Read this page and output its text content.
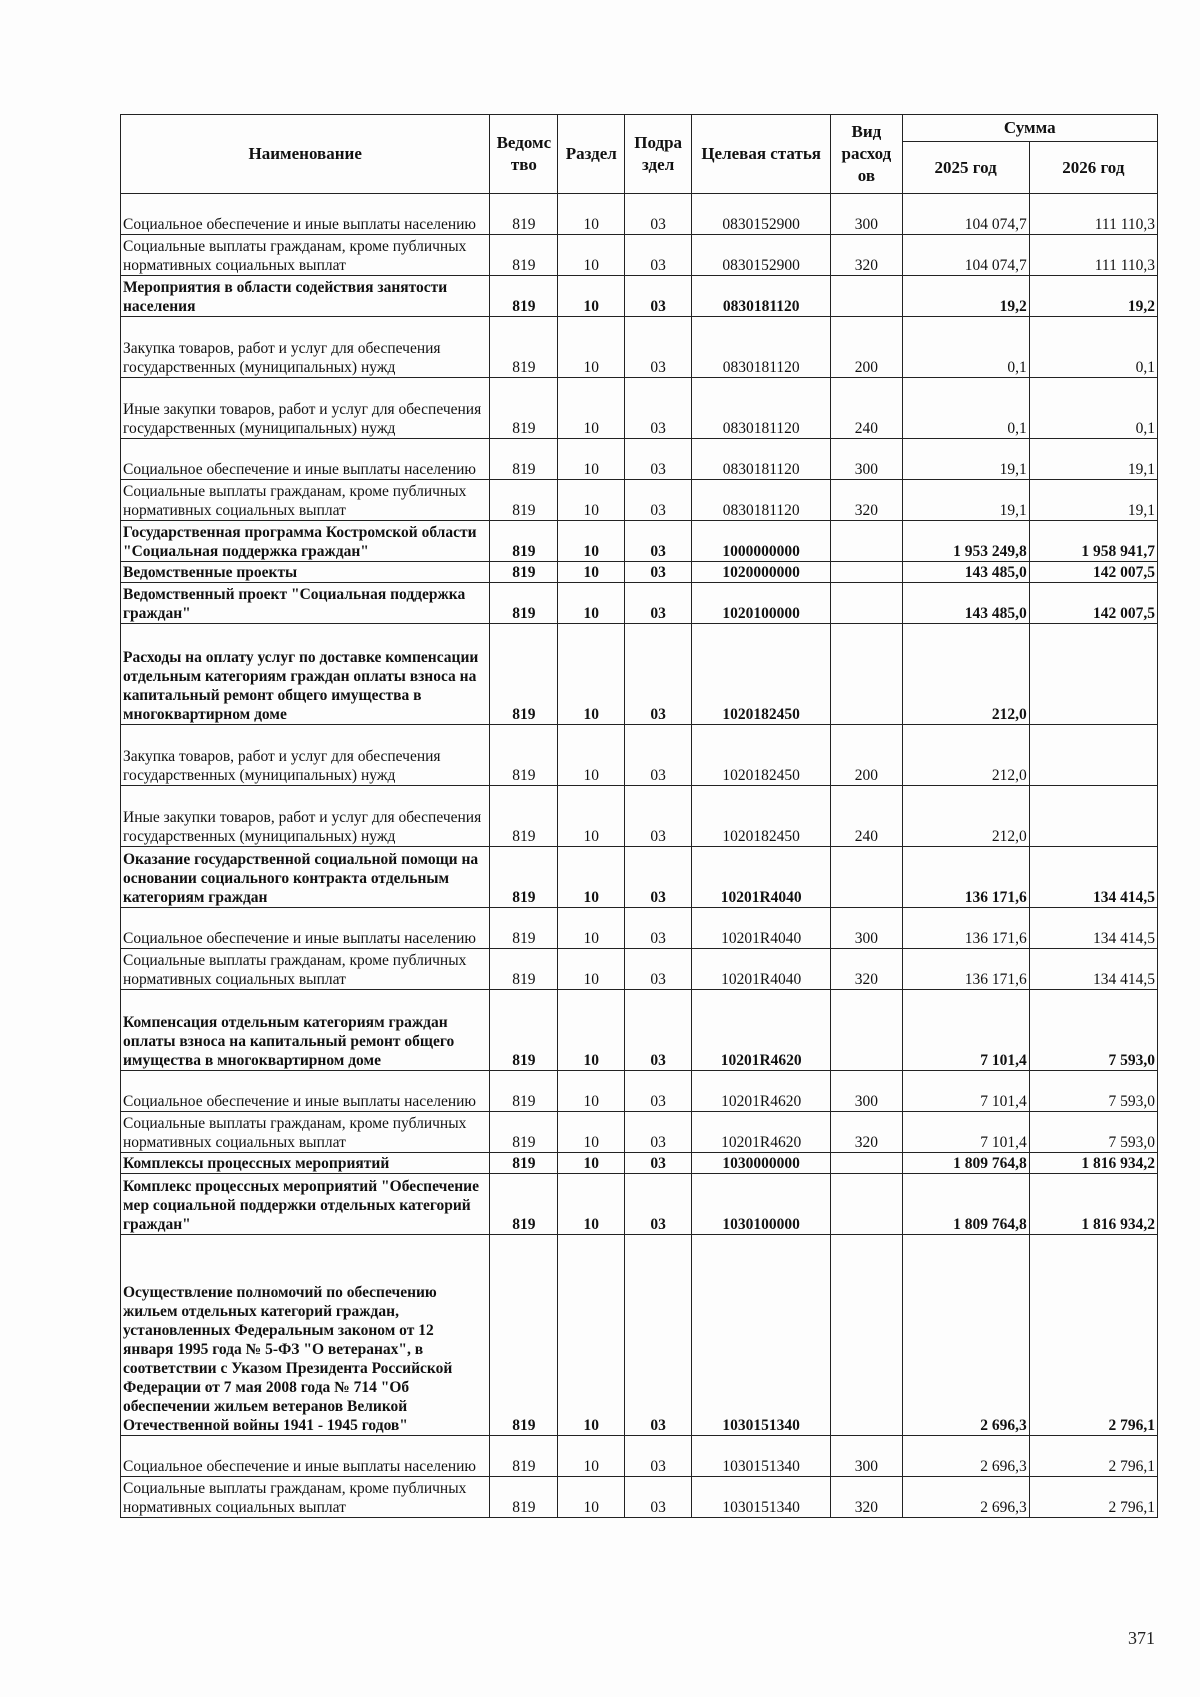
Наименование	Ведомс тво	Раздел	Подра здел	Целевая статья	Вид расход ов	Сумма	
						2025 год	2026 год
Социальное обеспечение и иные выплаты населению	819	10	03	0830152900	300	104 074,7	111 110,3
Социальные выплаты гражданам, кроме публичных нормативных социальных выплат	819	10	03	0830152900	320	104 074,7	111 110,3
Мероприятия в области содействия занятости населения	819	10	03	0830181120		19,2	19,2
Закупка товаров, работ и услуг для обеспечения государственных (муниципальных) нужд	819	10	03	0830181120	200	0,1	0,1
Иные закупки товаров, работ и услуг для обеспечения государственных (муниципальных) нужд	819	10	03	0830181120	240	0,1	0,1
Социальное обеспечение и иные выплаты населению	819	10	03	0830181120	300	19,1	19,1
Социальные выплаты гражданам, кроме публичных нормативных социальных выплат	819	10	03	0830181120	320	19,1	19,1
Государственная программа Костромской области "Социальная поддержка граждан"	819	10	03	1000000000		1 953 249,8	1 958 941,7
Ведомственные проекты	819	10	03	1020000000		143 485,0	142 007,5
Ведомственный проект "Социальная поддержка граждан"	819	10	03	1020100000		143 485,0	142 007,5
Расходы на оплату услуг по доставке компенсации отдельным категориям граждан оплаты взноса на капитальный ремонт общего имущества в многоквартирном доме	819	10	03	1020182450		212,0	
Закупка товаров, работ и услуг для обеспечения государственных (муниципальных) нужд	819	10	03	1020182450	200	212,0	
Иные закупки товаров, работ и услуг для обеспечения государственных (муниципальных) нужд	819	10	03	1020182450	240	212,0	
Оказание государственной социальной помощи на основании социального контракта отдельным категориям граждан	819	10	03	10201R4040		136 171,6	134 414,5
Социальное обеспечение и иные выплаты населению	819	10	03	10201R4040	300	136 171,6	134 414,5
Социальные выплаты гражданам, кроме публичных нормативных социальных выплат	819	10	03	10201R4040	320	136 171,6	134 414,5
Компенсация отдельным категориям граждан оплаты взноса на капитальный ремонт общего имущества в многоквартирном доме	819	10	03	10201R4620		7 101,4	7 593,0
Социальное обеспечение и иные выплаты населению	819	10	03	10201R4620	300	7 101,4	7 593,0
Социальные выплаты гражданам, кроме публичных нормативных социальных выплат	819	10	03	10201R4620	320	7 101,4	7 593,0
Комплексы процессных мероприятий	819	10	03	1030000000		1 809 764,8	1 816 934,2
Комплекс процессных мероприятий "Обеспечение мер социальной поддержки отдельных категорий граждан"	819	10	03	1030100000		1 809 764,8	1 816 934,2
Осуществление полномочий по обеспечению жильем отдельных категорий граждан, установленных Федеральным законом от 12 января 1995 года № 5-ФЗ "О ветеранах", в соответствии с Указом Президента Российской Федерации от 7 мая 2008 года № 714 "Об обеспечении жильем ветеранов Великой Отечественной войны 1941 - 1945 годов"	819	10	03	1030151340		2 696,3	2 796,1
Социальное обеспечение и иные выплаты населению	819	10	03	1030151340	300	2 696,3	2 796,1
Социальные выплаты гражданам, кроме публичных нормативных социальных выплат	819	10	03	1030151340	320	2 696,3	2 796,1
371
